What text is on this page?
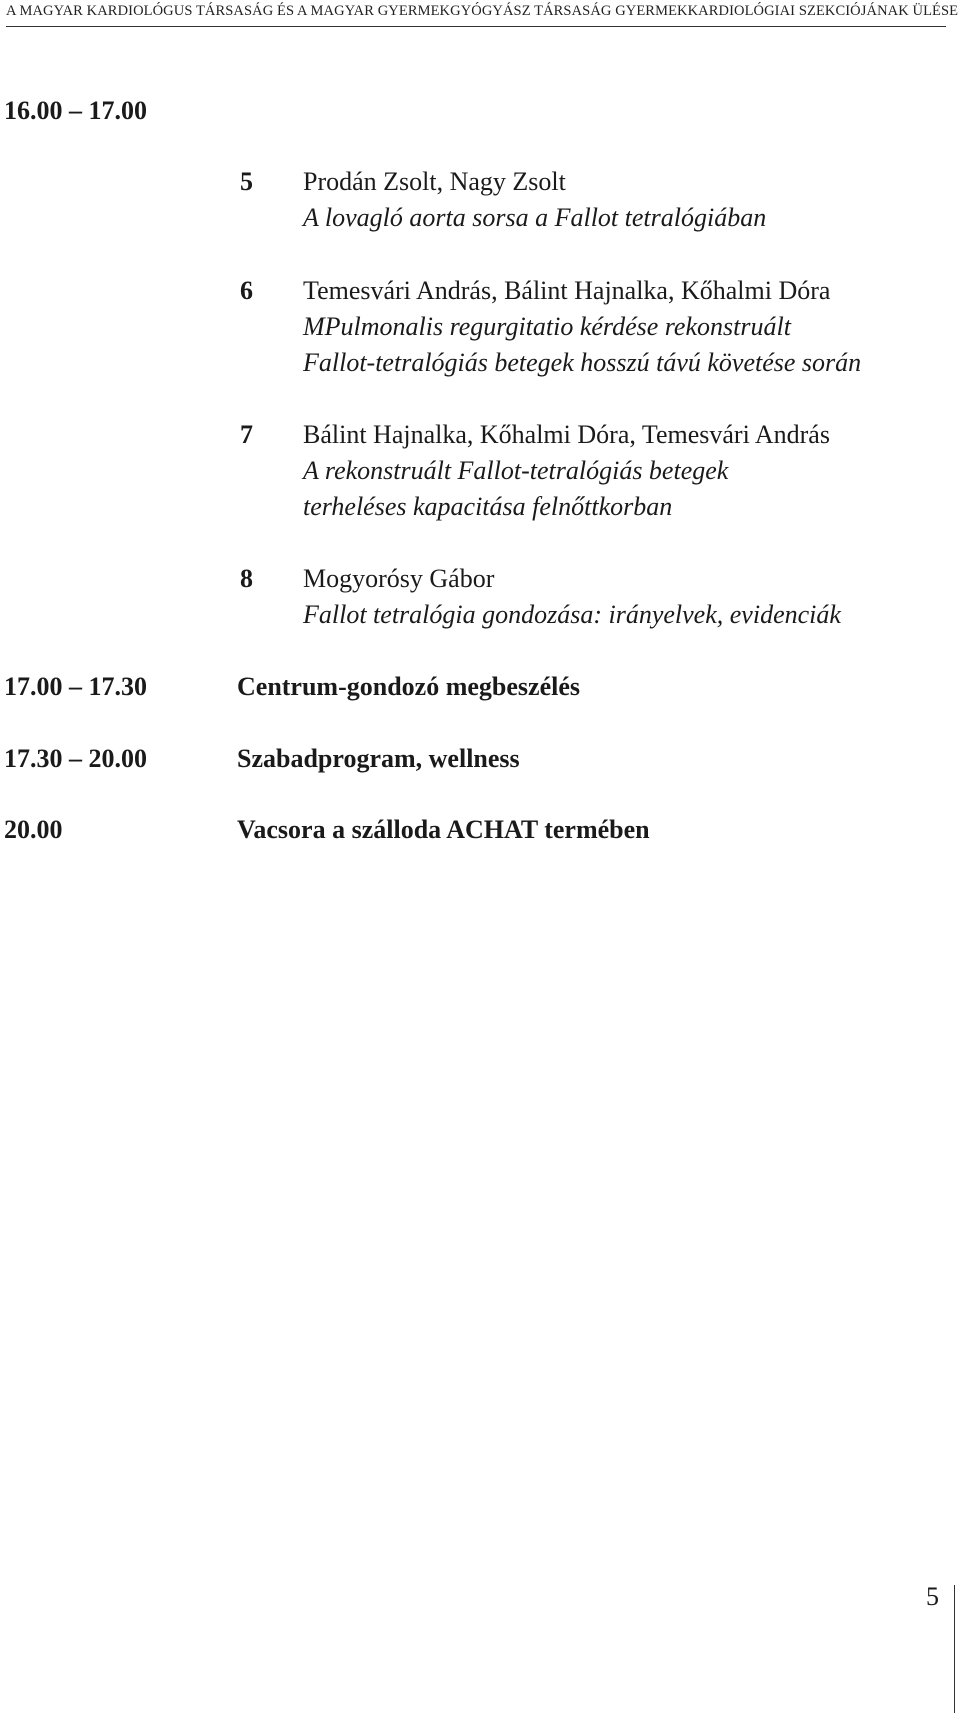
A MAGYAR KARDIOLÓGUS TÁRSASÁG ÉS A MAGYAR GYERMEKGYÓGYÁSZ TÁRSASÁG GYERMEKKARDIOLÓGIAI SZEKCIÓJÁNAK ÜLÉSE
16.00 – 17.00
5 Prodán Zsolt, Nagy Zsolt
A lovagló aorta sorsa a Fallot tetralógiában
6 Temesvári András, Bálint Hajnalka, Kőhalmi Dóra
MPulmonalis regurgitatio kérdése rekonstruált
Fallot-tetralógiás betegek hosszú távú követése során
7 Bálint Hajnalka, Kőhalmi Dóra, Temesvári András
A rekonstruált Fallot-tetralógiás betegek
terheléses kapacitása felnőttkorban
8 Mogyorósy Gábor
Fallot tetralógia gondozása: irányelvek, evidenciák
17.00 – 17.30	Centrum-gondozó megbeszélés
17.30 – 20.00	Szabadprogram, wellness
20.00	Vacsora a szálloda ACHAT termében
5
